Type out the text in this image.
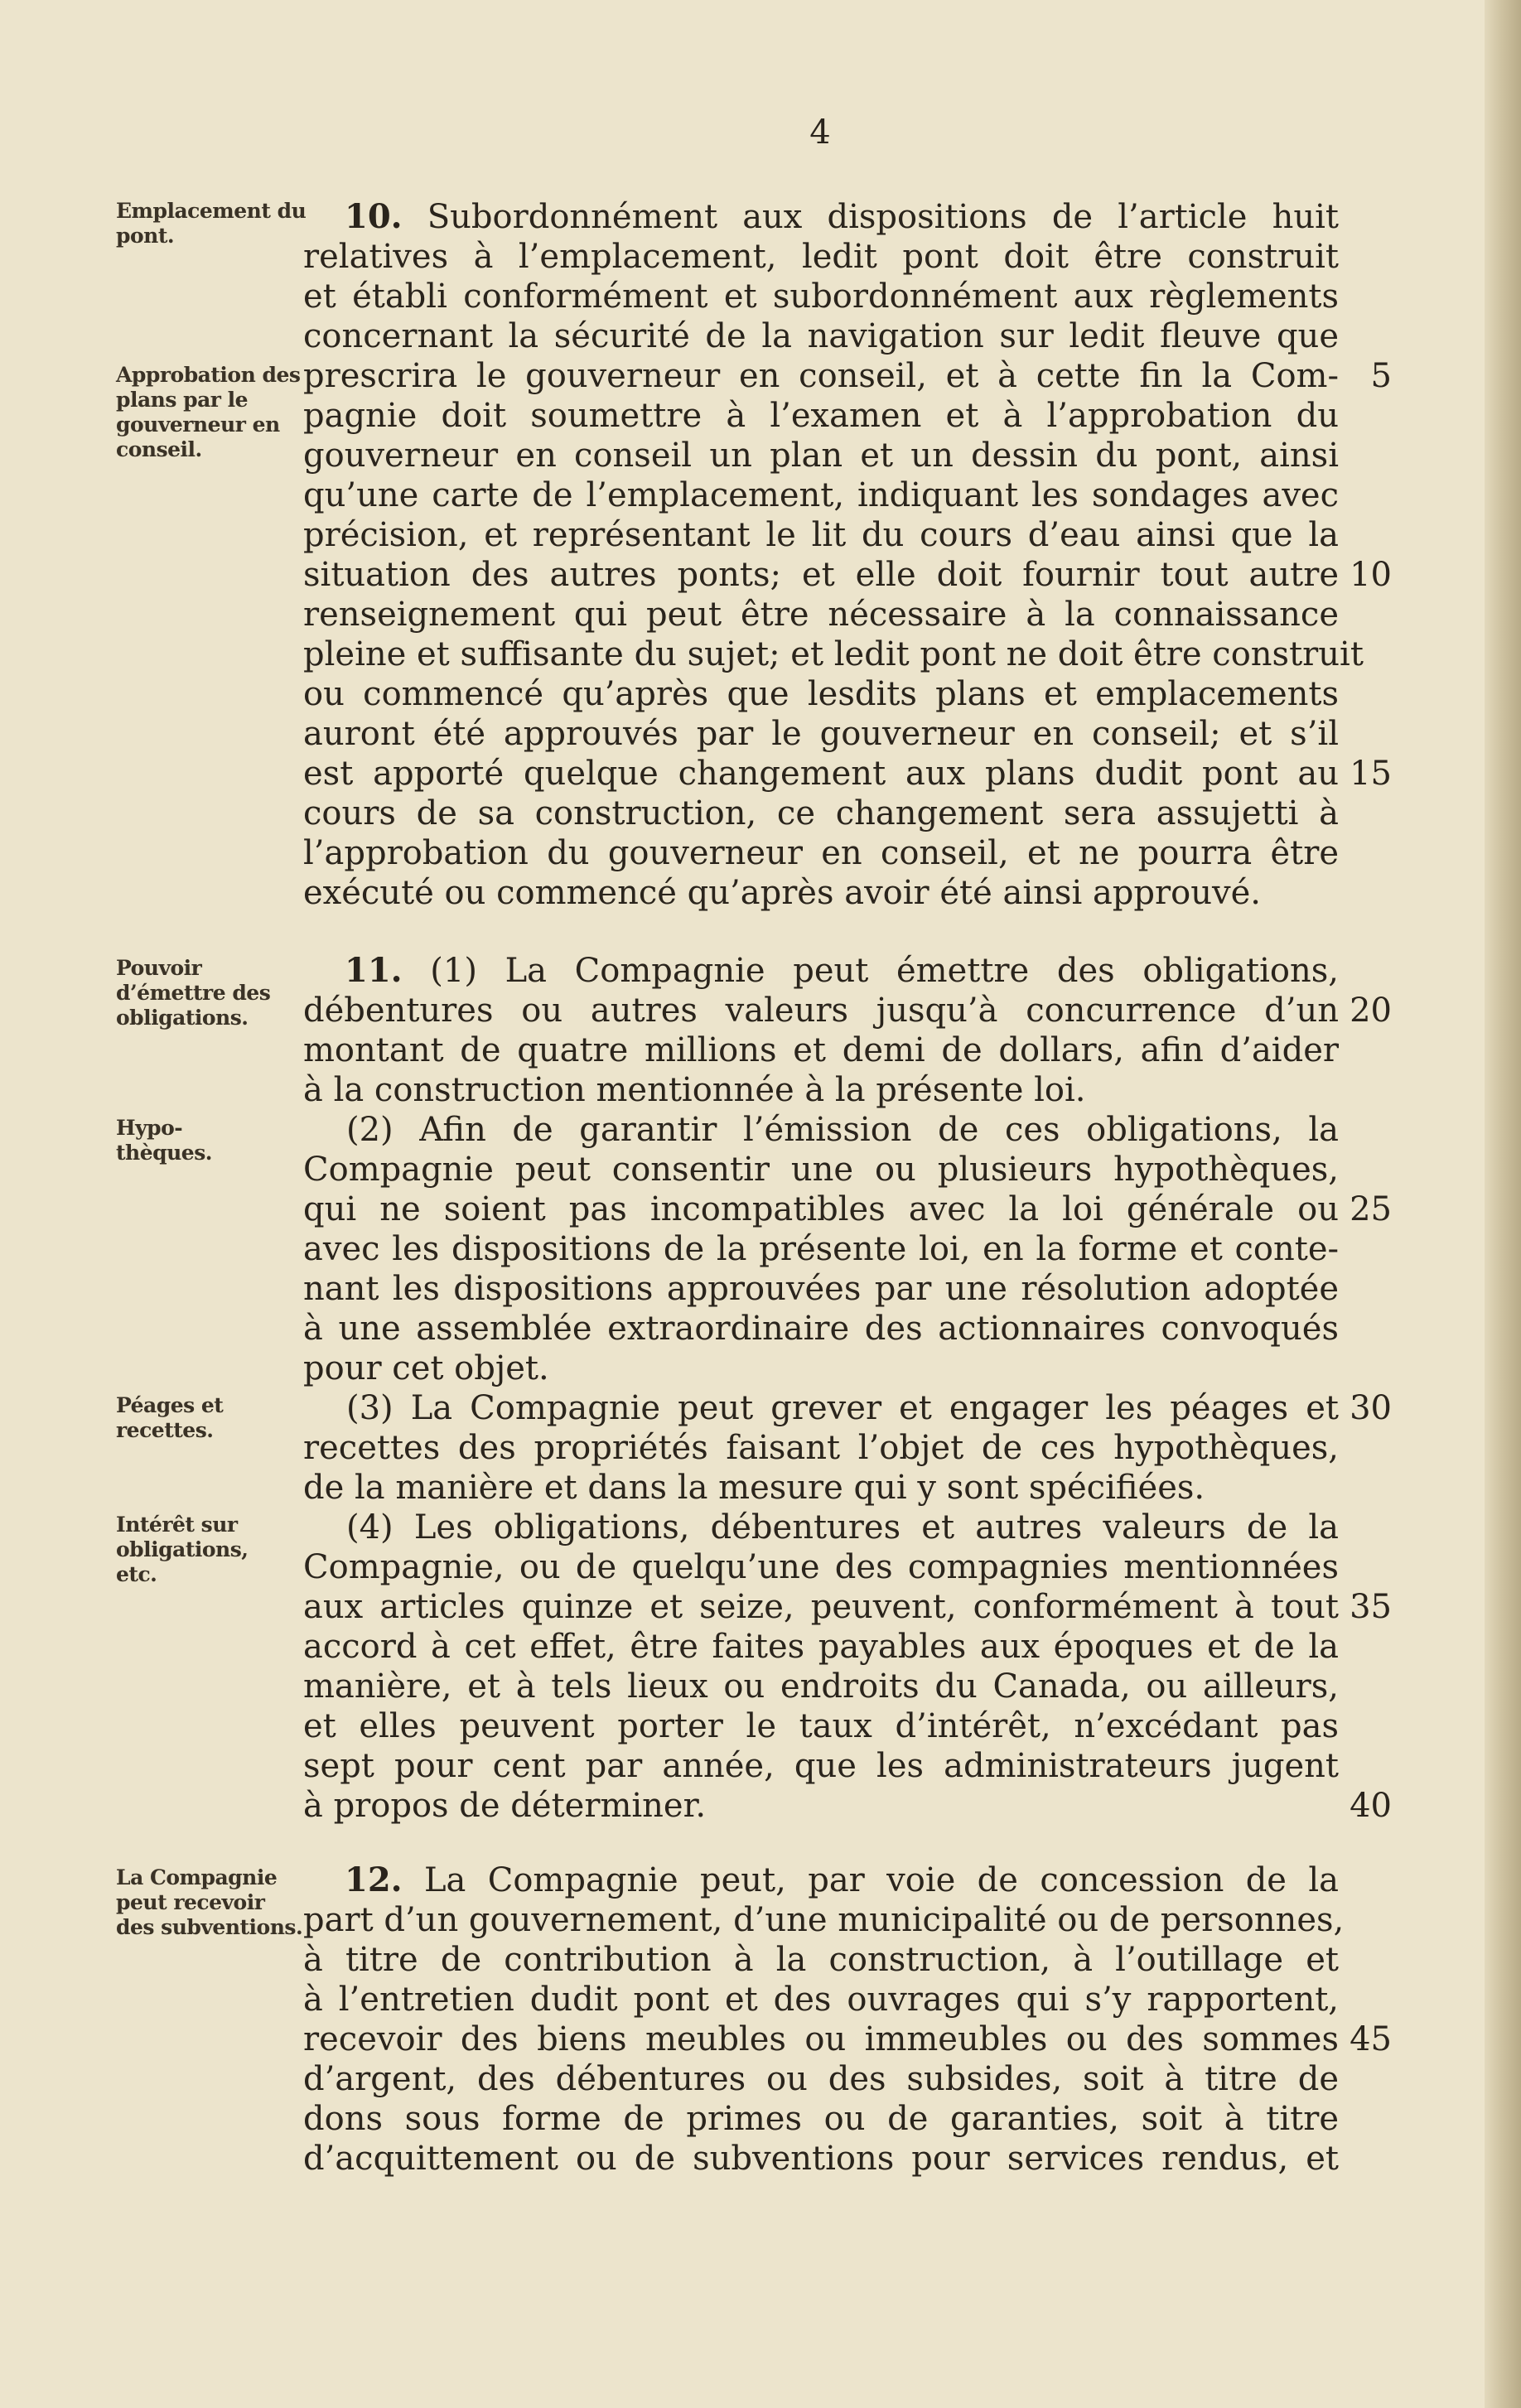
4
Emplacement du pont.
Approbation des plans par le gouverneur en conseil.
Pouvoir d’émettre des obligations.
Hypo-thèques.
Péages et recettes.
Intérêt sur obligations, etc.
La Compagnie peut recevoir des subventions.
10. Subordonnément aux dispositions de l’article huit
relatives à l’emplacement, ledit pont doit être construit
et établi conformément et subordonnément aux règlements
concernant la sécurité de la navigation sur ledit fleuve que
prescrira le gouverneur en conseil, et à cette fin la Com-
pagnie doit soumettre à l’examen et à l’approbation du
gouverneur en conseil un plan et un dessin du pont, ainsi
qu’une carte de l’emplacement, indiquant les sondages avec
précision, et représentant le lit du cours d’eau ainsi que la
situation des autres ponts; et elle doit fournir tout autre
renseignement qui peut être nécessaire à la connaissance
pleine et suffisante du sujet; et ledit pont ne doit être construit
ou commencé qu’après que lesdits plans et emplacements
auront été approuvés par le gouverneur en conseil; et s’il
est apporté quelque changement aux plans dudit pont au
cours de sa construction, ce changement sera assujetti à
l’approbation du gouverneur en conseil, et ne pourra être
exécuté ou commencé qu’après avoir été ainsi approuvé.
11. (1) La Compagnie peut émettre des obligations,
débentures ou autres valeurs jusqu’à concurrence d’un
montant de quatre millions et demi de dollars, afin d’aider
à la construction mentionnée à la présente loi.
(2) Afin de garantir l’émission de ces obligations, la
Compagnie peut consentir une ou plusieurs hypothèques,
qui ne soient pas incompatibles avec la loi générale ou
avec les dispositions de la présente loi, en la forme et conte-
nant les dispositions approuvées par une résolution adoptée
à une assemblée extraordinaire des actionnaires convoqués
pour cet objet.
(3) La Compagnie peut grever et engager les péages et
recettes des propriétés faisant l’objet de ces hypothèques,
de la manière et dans la mesure qui y sont spécifiées.
(4) Les obligations, débentures et autres valeurs de la
Compagnie, ou de quelqu’une des compagnies mentionnées
aux articles quinze et seize, peuvent, conformément à tout
accord à cet effet, être faites payables aux époques et de la
manière, et à tels lieux ou endroits du Canada, ou ailleurs,
et elles peuvent porter le taux d’intérêt, n’excédant pas
sept pour cent par année, que les administrateurs jugent
à propos de déterminer.
12. La Compagnie peut, par voie de concession de la
part d’un gouvernement, d’une municipalité ou de personnes,
à titre de contribution à la construction, à l’outillage et
à l’entretien dudit pont et des ouvrages qui s’y rapportent,
recevoir des biens meubles ou immeubles ou des sommes
d’argent, des débentures ou des subsides, soit à titre de
dons sous forme de primes ou de garanties, soit à titre
d’acquittement ou de subventions pour services rendus, et
5
10
15
20
25
30
35
40
45
